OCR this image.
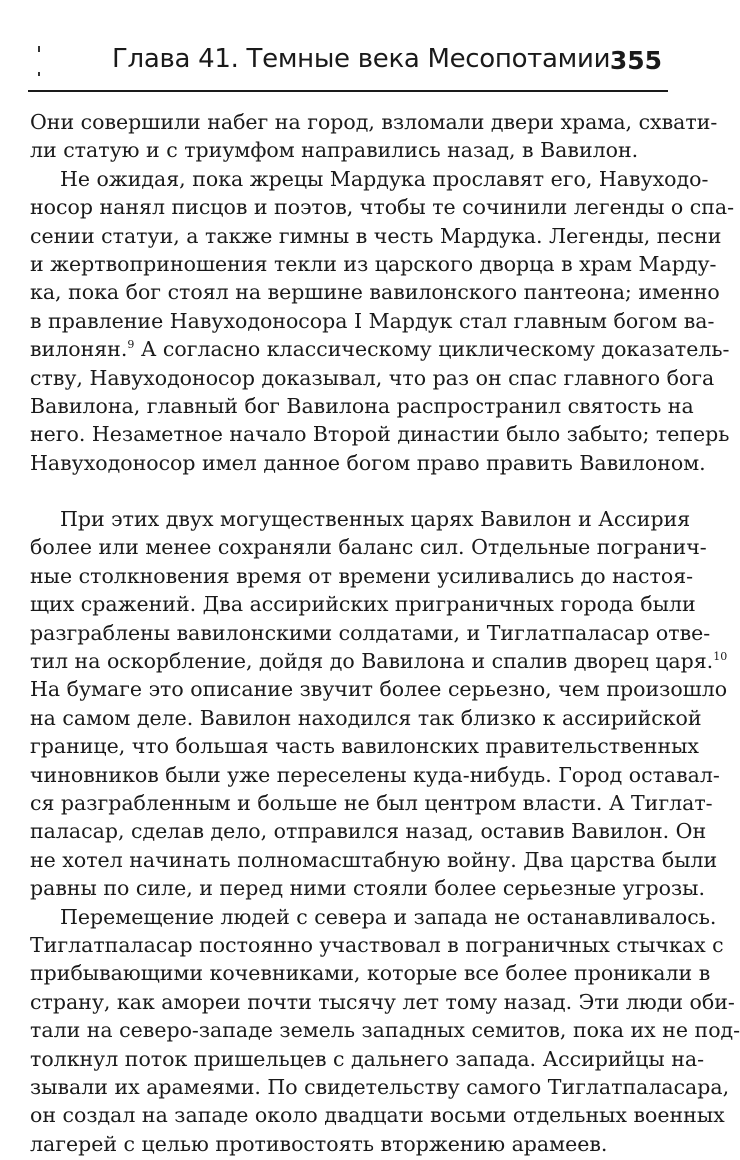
Глава 41. Темные века Месопотамии 355
Они совершили набег на город, взломали двери храма, схвати-
ли статую и с триумфом направились назад, в Вавилон.
Не ожидая, пока жрецы Мардука прославят его, Навуходо-
носор нанял писцов и поэтов, чтобы те сочинили легенды о спа-
сении статуи, а также гимны в честь Мардука. Легенды, песни
и жертвоприношения текли из царского дворца в храм Марду-
ка, пока бог стоял на вершине вавилонского пантеона; именно
в правление Навуходоносора I Мардук стал главным богом ва-
вилонян.$^9$ А согласно классическому циклическому доказатель-
ству, Навуходоносор доказывал, что раз он спас главного бога
Вавилона, главный бог Вавилона распространил святость на
него. Незаметное начало Второй династии было забыто; теперь
Навуходоносор имел данное богом право править Вавилоном.
При этих двух могущественных царях Вавилон и Ассирия
более или менее сохраняли баланс сил. Отдельные погранич-
ные столкновения время от времени усиливались до настоя-
щих сражений. Два ассирийских приграничных города были
разграблены вавилонскими солдатами, и Тиглатпаласар отве-
тил на оскорбление, дойдя до Вавилона и спалив дворец царя.$^{10}$
На бумаге это описание звучит более серьезно, чем произошло
на самом деле. Вавилон находился так близко к ассирийской
границе, что большая часть вавилонских правительственных
чиновников были уже переселены куда-нибудь. Город оставал-
ся разграбленным и больше не был центром власти. А Тиглат-
паласар, сделав дело, отправился назад, оставив Вавилон. Он
не хотел начинать полномасштабную войну. Два царства были
равны по силе, и перед ними стояли более серьезные угрозы.
Перемещение людей с севера и запада не останавливалось.
Тиглатпаласар постоянно участвовал в пограничных стычках с
прибывающими кочевниками, которые все более проникали в
страну, как амореи почти тысячу лет тому назад. Эти люди оби-
тали на северо-западе земель западных семитов, пока их не под-
толкнул поток пришельцев с дальнего запада. Ассирийцы на-
зывали их арамеями. По свидетельству самого Тиглатпаласара,
он создал на западе около двадцати восьми отдельных военных
лагерей с целью противостоять вторжению арамеев.
